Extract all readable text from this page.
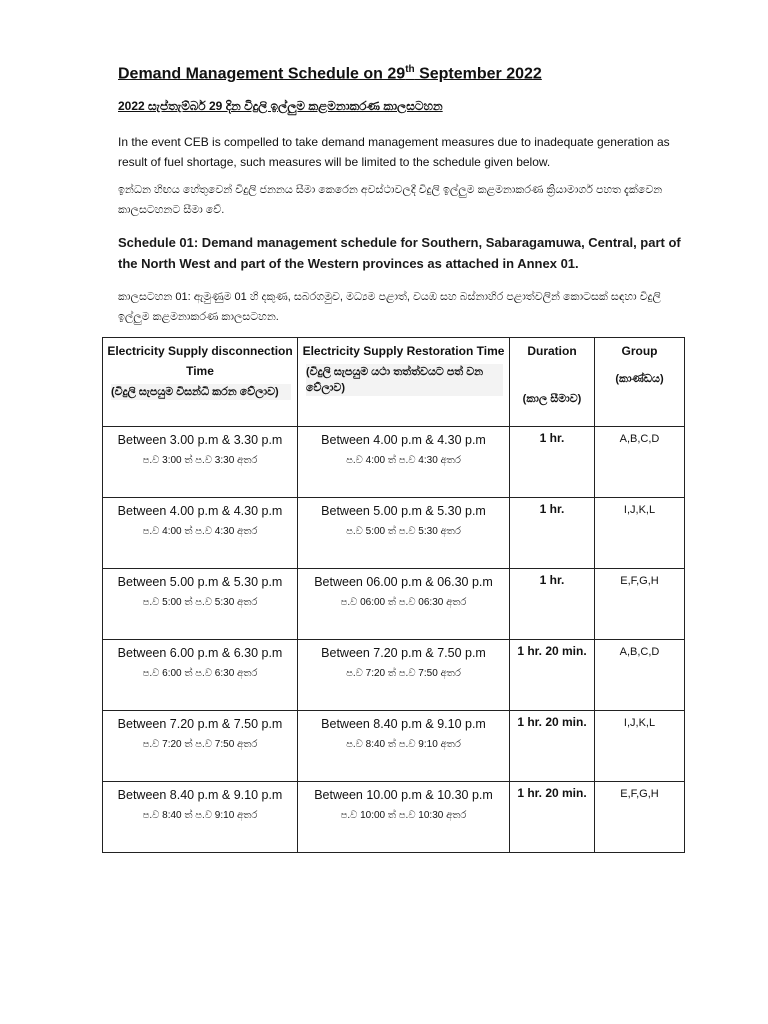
Demand Management Schedule on 29th September 2022
2022 සැප්තැම්බර් 29 දින විදුලි ඉල්ලුම කළමනාකරණ කාලසටහන
In the event CEB is compelled to take demand management measures due to inadequate generation as result of fuel shortage, such measures will be limited to the schedule given below.
ඉන්ධන හිඟය හේතුවෙන් විදුලි ජනනය සීමා කෙරෙන අවස්ථාවලදී විදුලි ඉල්ලුම කළමනාකරණ ක්‍රියාමාර්ග පහත දැක්වෙන කාලසටහනට සීමා වේ.
Schedule 01: Demand management schedule for Southern, Sabaragamuwa, Central, part of the North West and part of the Western provinces as attached in Annex 01.
කාලසටහන 01: ඇමුණුම 01 හි දකුණ, සබරගමුව, මධ්‍යම පළාත්, වයඹ සහ බස්නාහිර පළාත්වලින් කොටසක් සඳහා විදුලි ඉල්ලුම කළමනාකරණ කාලසටහන.
Electricity Supply disconnection Time
(විදුලි සැපයුම විසන්ධි කරන වේලාව)	Electricity Supply Restoration Time
(විදුලි සැපයුම යථා තත්ත්වයට පත් වන වේලාව)	Duration
(කාල සීමාව)	Group
(කාණ්ඩය)

Between 3.00 p.m & 3.30 p.m
ප.ව 3:00 ත් ප.ව 3:30 අතර	Between 4.00 p.m & 4.30 p.m
ප.ව 4:00 ත් ප.ව 4:30 අතර	1 hr.	A,B,C,D

Between 4.00 p.m & 4.30 p.m
ප.ව 4:00 ත් ප.ව 4:30 අතර	Between 5.00 p.m & 5.30 p.m
ප.ව 5:00 ත් ප.ව 5:30 අතර	1 hr.	I,J,K,L

Between 5.00 p.m & 5.30 p.m
ප.ව 5:00 ත් ප.ව 5:30 අතර	Between 06.00 p.m & 06.30 p.m
ප.ව 06:00 ත් ප.ව 06:30 අතර	1 hr.	E,F,G,H

Between 6.00 p.m & 6.30 p.m
ප.ව 6:00 ත් ප.ව 6:30 අතර	Between 7.20 p.m & 7.50 p.m
ප.ව 7:20 ත් ප.ව 7:50 අතර	1 hr. 20 min.	A,B,C,D

Between 7.20 p.m & 7.50 p.m
ප.ව 7:20 ත් ප.ව 7:50 අතර	Between 8.40 p.m & 9.10 p.m
ප.ව 8:40 ත් ප.ව 9:10 අතර	1 hr. 20 min.	I,J,K,L

Between 8.40 p.m & 9.10 p.m
ප.ව 8:40 ත් ප.ව 9:10 අතර	Between 10.00 p.m & 10.30 p.m
ප.ව 10:00 ත් ප.ව 10:30 අතර	1 hr. 20 min.	E,F,G,H
